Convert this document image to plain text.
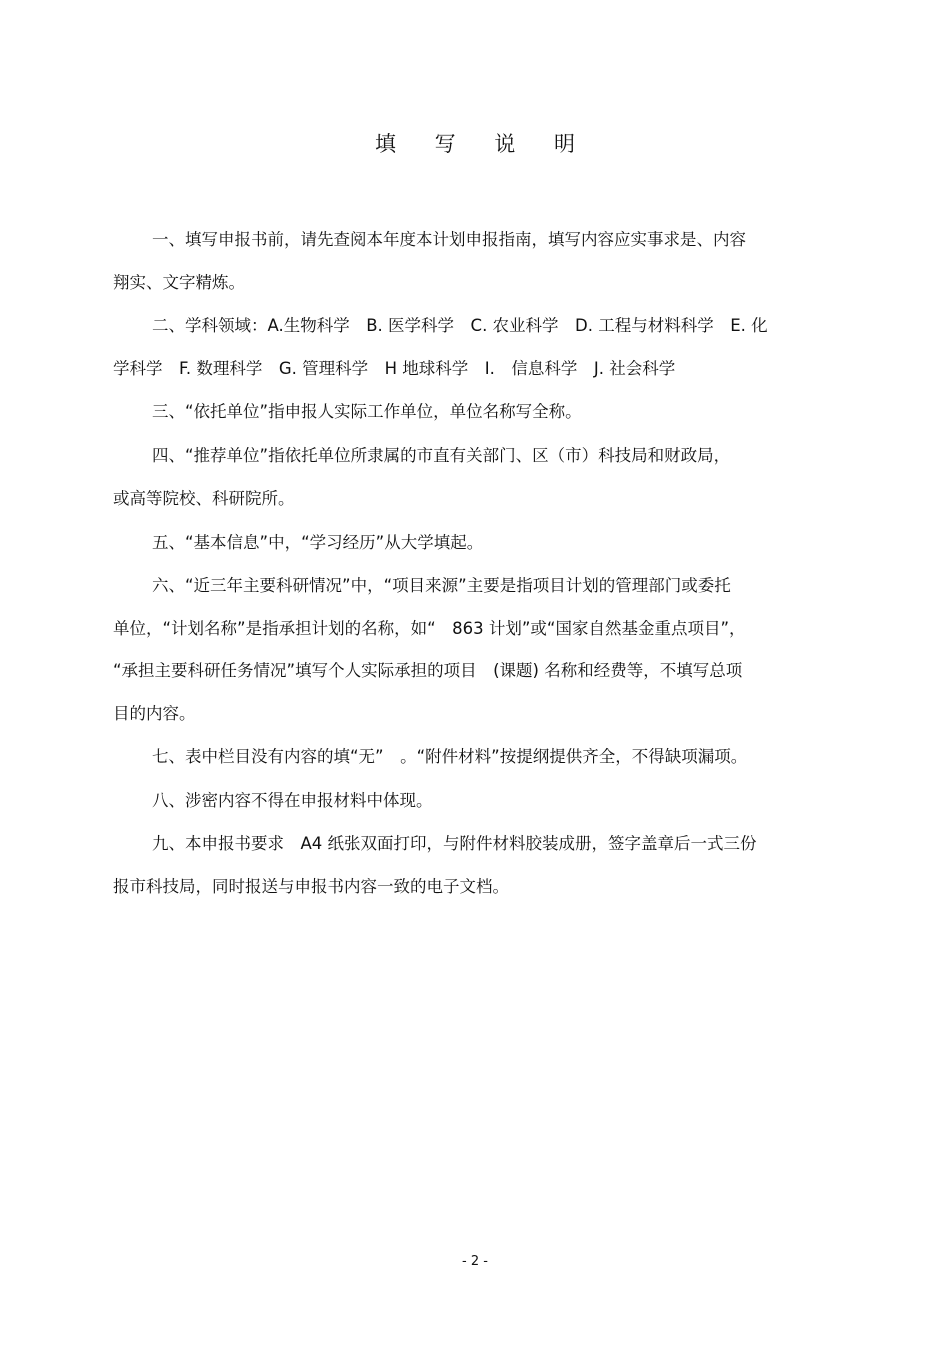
填 写 说 明
一、填写申报书前，请先查阅本年度本计划申报指南，填写内容应实事求是、内容
翔实、文字精炼。
二、学科领域：A.生物科学　B. 医学科学　C. 农业科学　D. 工程与材料科学　E. 化
学科学　F. 数理科学　G. 管理科学　H 地球科学　I.　信息科学　J. 社会科学
三、“依托单位”指申报人实际工作单位，单位名称写全称。
四、“推荐单位”指依托单位所隶属的市直有关部门、区（市）科技局和财政局，
或高等院校、科研院所。
五、“基本信息”中，“学习经历”从大学填起。
六、“近三年主要科研情况”中，“项目来源”主要是指项目计划的管理部门或委托
单位，“计划名称”是指承担计划的名称，如“　863 计划”或“国家自然基金重点项目”，
“承担主要科研任务情况”填写个人实际承担的项目　(课题) 名称和经费等，不填写总项
目的内容。
七、表中栏目没有内容的填“无”　。“附件材料”按提纲提供齐全，不得缺项漏项。
八、涉密内容不得在申报材料中体现。
九、本申报书要求　A4 纸张双面打印，与附件材料胶装成册，签字盖章后一式三份
报市科技局，同时报送与申报书内容一致的电子文档。
- 2 -
